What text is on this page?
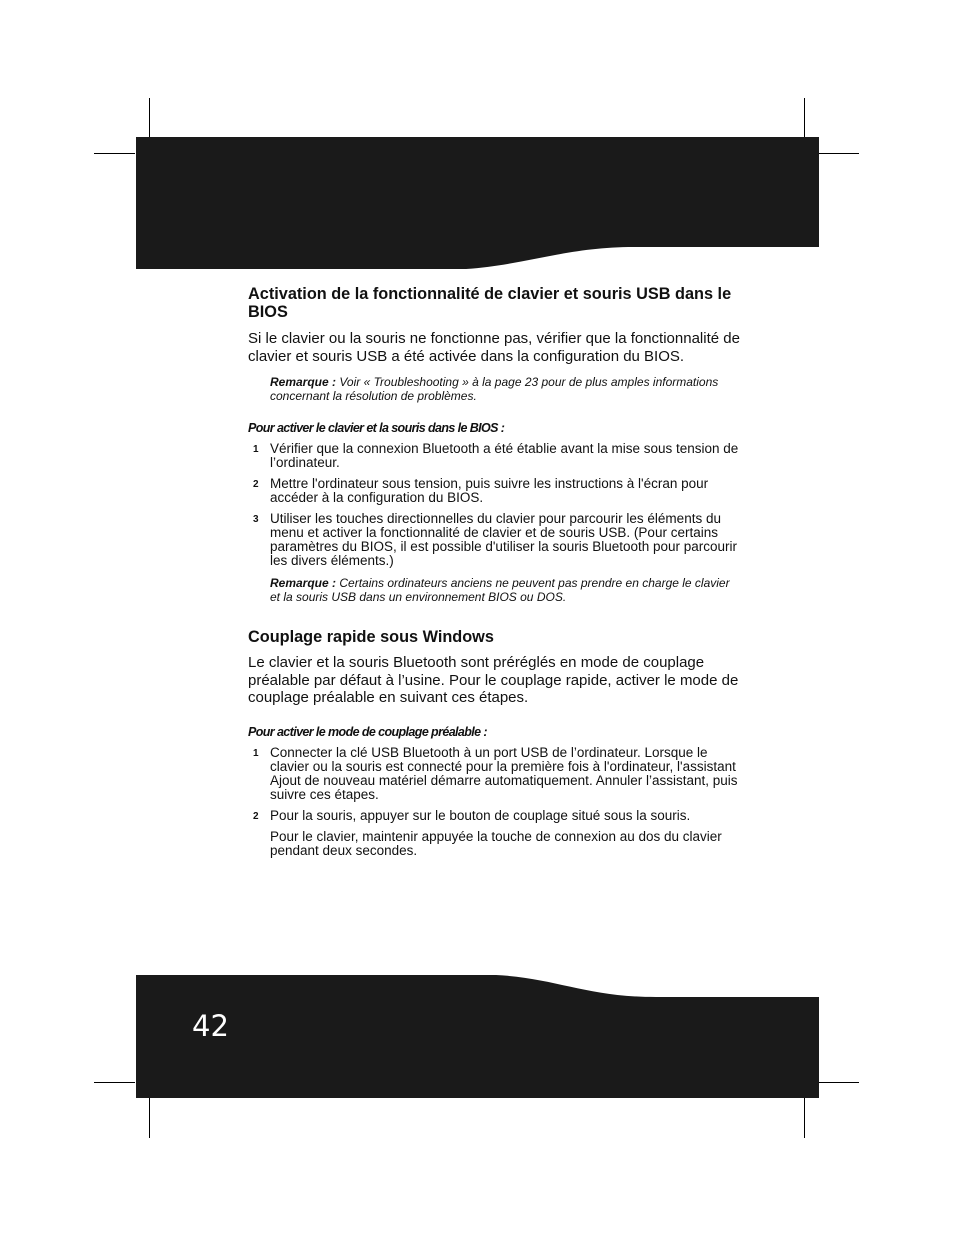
Activation de la fonctionnalité de clavier et souris USB dans le BIOS

Si le clavier ou la souris ne fonctionne pas, vérifier que la fonctionnalité de clavier et souris USB a été activée dans la configuration du BIOS.

Remarque : Voir « Troubleshooting » à la page 23 pour de plus amples informations concernant la résolution de problèmes.
Pour activer le clavier et la souris dans le BIOS :
1 Vérifier que la connexion Bluetooth a été établie avant la mise sous tension de l’ordinateur.
2 Mettre l'ordinateur sous tension, puis suivre les instructions à l'écran pour accéder à la configuration du BIOS.
3 Utiliser les touches directionnelles du clavier pour parcourir les éléments du menu et activer la fonctionnalité de clavier et de souris USB. (Pour certains paramètres du BIOS, il est possible d'utiliser la souris Bluetooth pour parcourir les divers éléments.)
Remarque : Certains ordinateurs anciens ne peuvent pas prendre en charge le clavier et la souris USB dans un environnement BIOS ou DOS.
Couplage rapide sous Windows

Le clavier et la souris Bluetooth sont préréglés en mode de couplage préalable par défaut à l’usine. Pour le couplage rapide, activer le mode de couplage préalable en suivant ces étapes.

Pour activer le mode de couplage préalable :
1 Connecter la clé USB Bluetooth à un port USB de l’ordinateur. Lorsque le clavier ou la souris est connecté pour la première fois à l'ordinateur, l'assistant Ajout de nouveau matériel démarre automatiquement. Annuler l’assistant, puis suivre ces étapes.
2 Pour la souris, appuyer sur le bouton de couplage situé sous la souris.

Pour le clavier, maintenir appuyée la touche de connexion au dos du clavier pendant deux secondes.

42
